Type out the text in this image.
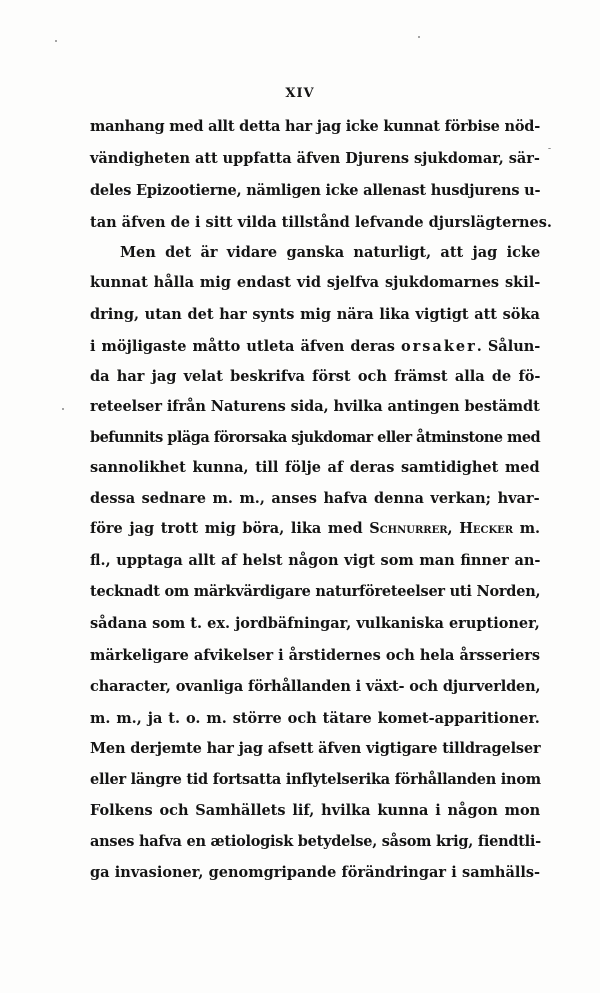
XIV
manhang med allt detta har jag icke kunnat förbise nöd-
vändigheten att uppfatta äfven Djurens sjukdomar, sär-
deles Epizootierne, nämligen icke allenast husdjurens u-
tan äfven de i sitt vilda tillstånd lefvande djurslägternes.
Men det är vidare ganska naturligt, att jag icke
kunnat hålla mig endast vid sjelfva sjukdomarnes skil-
dring, utan det har synts mig nära lika vigtigt att söka
i möjligaste måtto utleta äfven deras orsaker. Sålun-
da har jag velat beskrifva först och främst alla de fö-
reteelser ifrån Naturens sida, hvilka antingen bestämdt
befunnits pläga förorsaka sjukdomar eller åtminstone med
sannolikhet kunna, till följe af deras samtidighet med
dessa sednare m. m., anses hafva denna verkan; hvar-
före jag trott mig böra, lika med Schnurrer, Hecker m.
fl., upptaga allt af helst någon vigt som man finner an-
tecknadt om märkvärdigare naturföreteelser uti Norden,
sådana som t. ex. jordbäfningar, vulkaniska eruptioner,
märkeligare afvikelser i årstidernes och hela årsseriers
character, ovanliga förhållanden i växt- och djurverlden,
m. m., ja t. o. m. större och tätare komet-apparitioner.
Men derjemte har jag afsett äfven vigtigare tilldragelser
eller längre tid fortsatta inflytelserika förhållanden inom
Folkens och Samhällets lif, hvilka kunna i någon mon
anses hafva en ætiologisk betydelse, såsom krig, fiendtli-
ga invasioner, genomgripande förändringar i samhälls-
